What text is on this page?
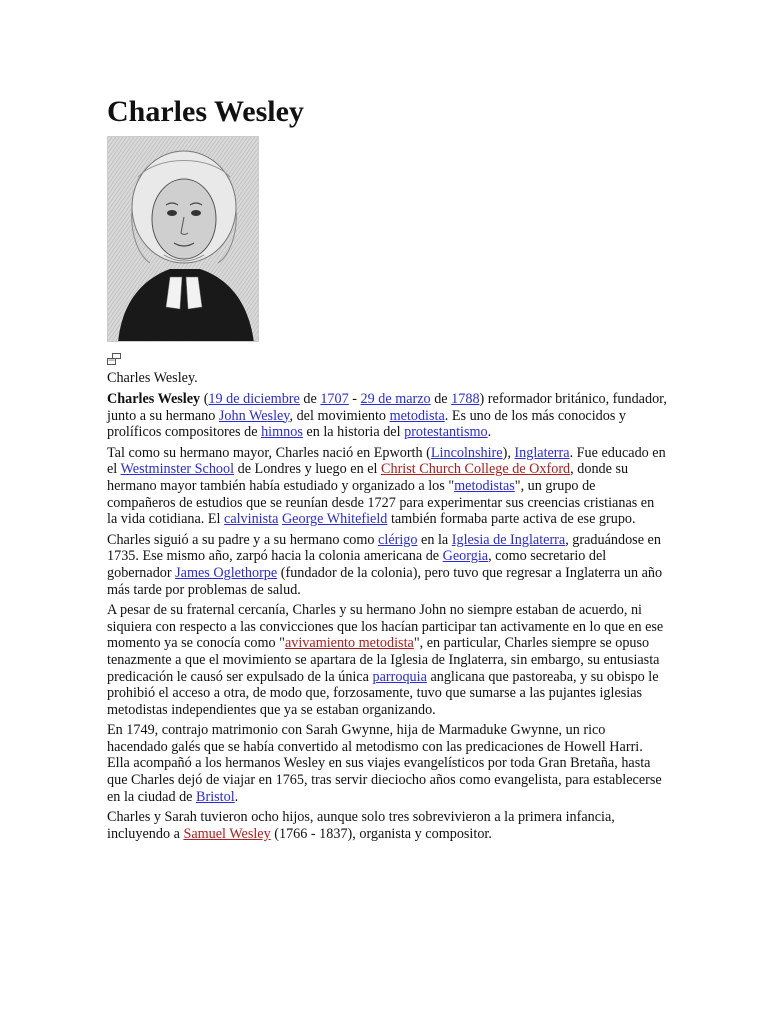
Charles Wesley
Charles Wesley.

Charles Wesley (19 de diciembre de 1707 - 29 de marzo de 1788) reformador británico, fundador, junto a su hermano John Wesley, del movimiento metodista. Es uno de los más conocidos y prolíficos compositores de himnos en la historia del protestantismo.

Tal como su hermano mayor, Charles nació en Epworth (Lincolnshire), Inglaterra. Fue educado en el Westminster School de Londres y luego en el Christ Church College de Oxford, donde su hermano mayor también había estudiado y organizado a los "metodistas", un grupo de compañeros de estudios que se reunían desde 1727 para experimentar sus creencias cristianas en la vida cotidiana. El calvinista George Whitefield también formaba parte activa de ese grupo.

Charles siguió a su padre y a su hermano como clérigo en la Iglesia de Inglaterra, graduándose en 1735. Ese mismo año, zarpó hacia la colonia americana de Georgia, como secretario del gobernador James Oglethorpe (fundador de la colonia), pero tuvo que regresar a Inglaterra un año más tarde por problemas de salud.

A pesar de su fraternal cercanía, Charles y su hermano John no siempre estaban de acuerdo, ni siquiera con respecto a las convicciones que los hacían participar tan activamente en lo que en ese momento ya se conocía como "avivamiento metodista", en particular, Charles siempre se opuso tenazmente a que el movimiento se apartara de la Iglesia de Inglaterra, sin embargo, su entusiasta predicación le causó ser expulsado de la única parroquia anglicana que pastoreaba, y su obispo le prohibió el acceso a otra, de modo que, forzosamente, tuvo que sumarse a las pujantes iglesias metodistas independientes que ya se estaban organizando.

En 1749, contrajo matrimonio con Sarah Gwynne, hija de Marmaduke Gwynne, un rico hacendado galés que se había convertido al metodismo con las predicaciones de Howell Harri. Ella acompañó a los hermanos Wesley en sus viajes evangelísticos por toda Gran Bretaña, hasta que Charles dejó de viajar en 1765, tras servir dieciocho años como evangelista, para establecerse en la ciudad de Bristol.

Charles y Sarah tuvieron ocho hijos, aunque solo tres sobrevivieron a la primera infancia, incluyendo a Samuel Wesley (1766 - 1837), organista y compositor.
